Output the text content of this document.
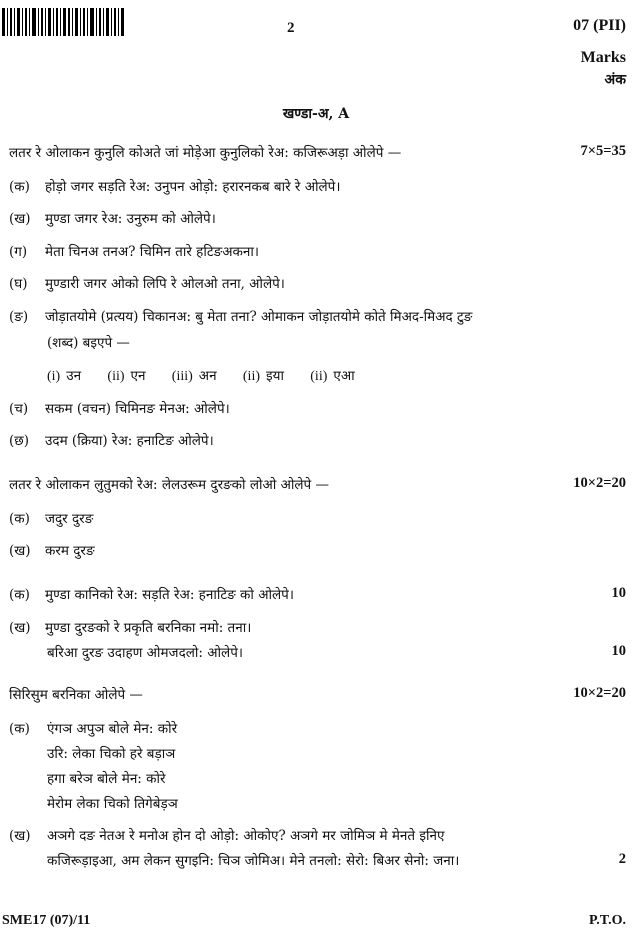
2	07 (PII)
Marks
अंक
खण्डा-अ, A
लतर रे ओलाकन कुनुलि कोअते जां मोड़ेआ कुनुलिको रेअ: कजिरूअड़ा ओलेपे —	7×5=35
(क) होड़ो जगर सड़ति रेअ: उनुपन ओड़ो: हरारनकब बारे रे ओलेपे।
(ख) मुण्डा जगर रेअ: उनुरुम को ओलेपे।
(ग) मेता चिनअ तनअ? चिमिन तारे हटिङअकना।
(घ) मुण्डारी जगर ओको लिपि रे ओलओ तना, ओलेपे।
(ङ) जोड़ातयोमे (प्रत्यय) चिकानअ: बु मेता तना? ओमाकन जोड़ातयोमे कोते मिअद-मिअद टुङ
(शब्द) बइएपे —
(i) उन (ii) एन (iii) अन (ii) इया (ii) एआ
(च) सकम (वचन) चिमिनङ मेनअ: ओलेपे।
(छ) उदम (क्रिया) रेअ: हनाटिङ ओलेपे।
लतर रे ओलाकन लुतुमको रेअ: लेलउरूम दुरङको लोओ ओलेपे —	10×2=20
(क) जदुर दुरङ
(ख) करम दुरङ
(क) मुण्डा कानिको रेअ: सड़ति रेअ: हनाटिङ को ओलेपे।	10
(ख) मुण्डा दुरङको रे प्रकृति बरनिका नमो: तना।
बरिआ दुरङ उदाहण ओमजदलो: ओलेपे।	10
सिरिसुम बरनिका ओलेपे —	10×2=20
(क)	एंगञ अपुञ बोले मेन: कोरे
उरि: लेका चिको हरे बड़ाञ
हगा बरेञ बोले मेन: कोरे
मेरोम लेका चिको तिगेबेड़ञ
(ख)	अञगे दङ नेतअ रे मनोअ होन दो ओड़ो: ओकोए? अञगे मर जोमिञ मे मेनते इनिए
कजिरूड़ाइआ, अम लेकन सुगइनि: चिञ जोमिअ। मेने तनलो: सेरो: बिअर सेनो: जना।	2
SME17 (07)/11	P.T.O.
